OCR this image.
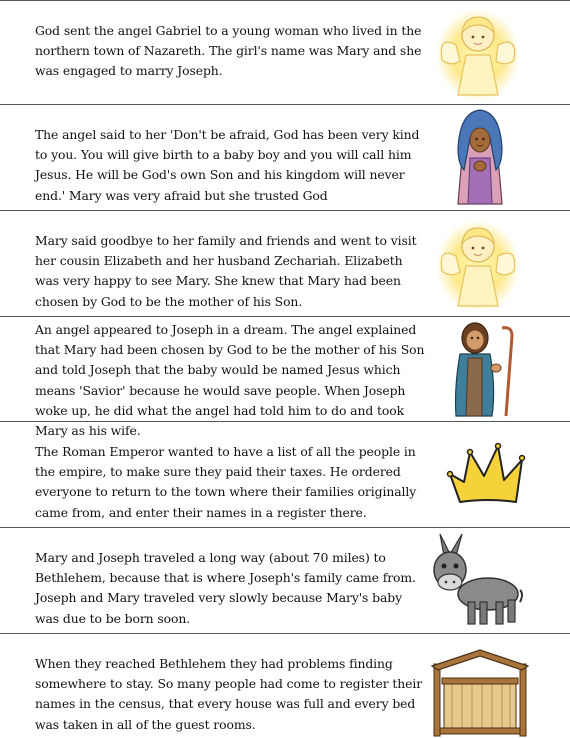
God sent the angel Gabriel to a young woman who lived in the northern town of Nazareth. The girl's name was Mary and she was engaged to marry Joseph.
The angel said to her 'Don't be afraid, God has been very kind to you. You will give birth to a baby boy and you will call him Jesus. He will be God's own Son and his kingdom will never end.' Mary was very afraid but she trusted God
Mary said goodbye to her family and friends and went to visit her cousin Elizabeth and her husband Zechariah. Elizabeth was very happy to see Mary. She knew that Mary had been chosen by God to be the mother of his Son.
An angel appeared to Joseph in a dream. The angel explained that Mary had been chosen by God to be the mother of his Son and told Joseph that the baby would be named Jesus which means 'Savior' because he would save people. When Joseph woke up, he did what the angel had told him to do and took Mary as his wife.
The Roman Emperor wanted to have a list of all the people in the empire, to make sure they paid their taxes. He ordered everyone to return to the town where their families originally came from, and enter their names in a register there.
Mary and Joseph traveled a long way (about 70 miles) to Bethlehem, because that is where Joseph's family came from. Joseph and Mary traveled very slowly because Mary's baby was due to be born soon.
When they reached Bethlehem they had problems finding somewhere to stay. So many people had come to register their names in the census, that every house was full and every bed was taken in all of the guest rooms.
